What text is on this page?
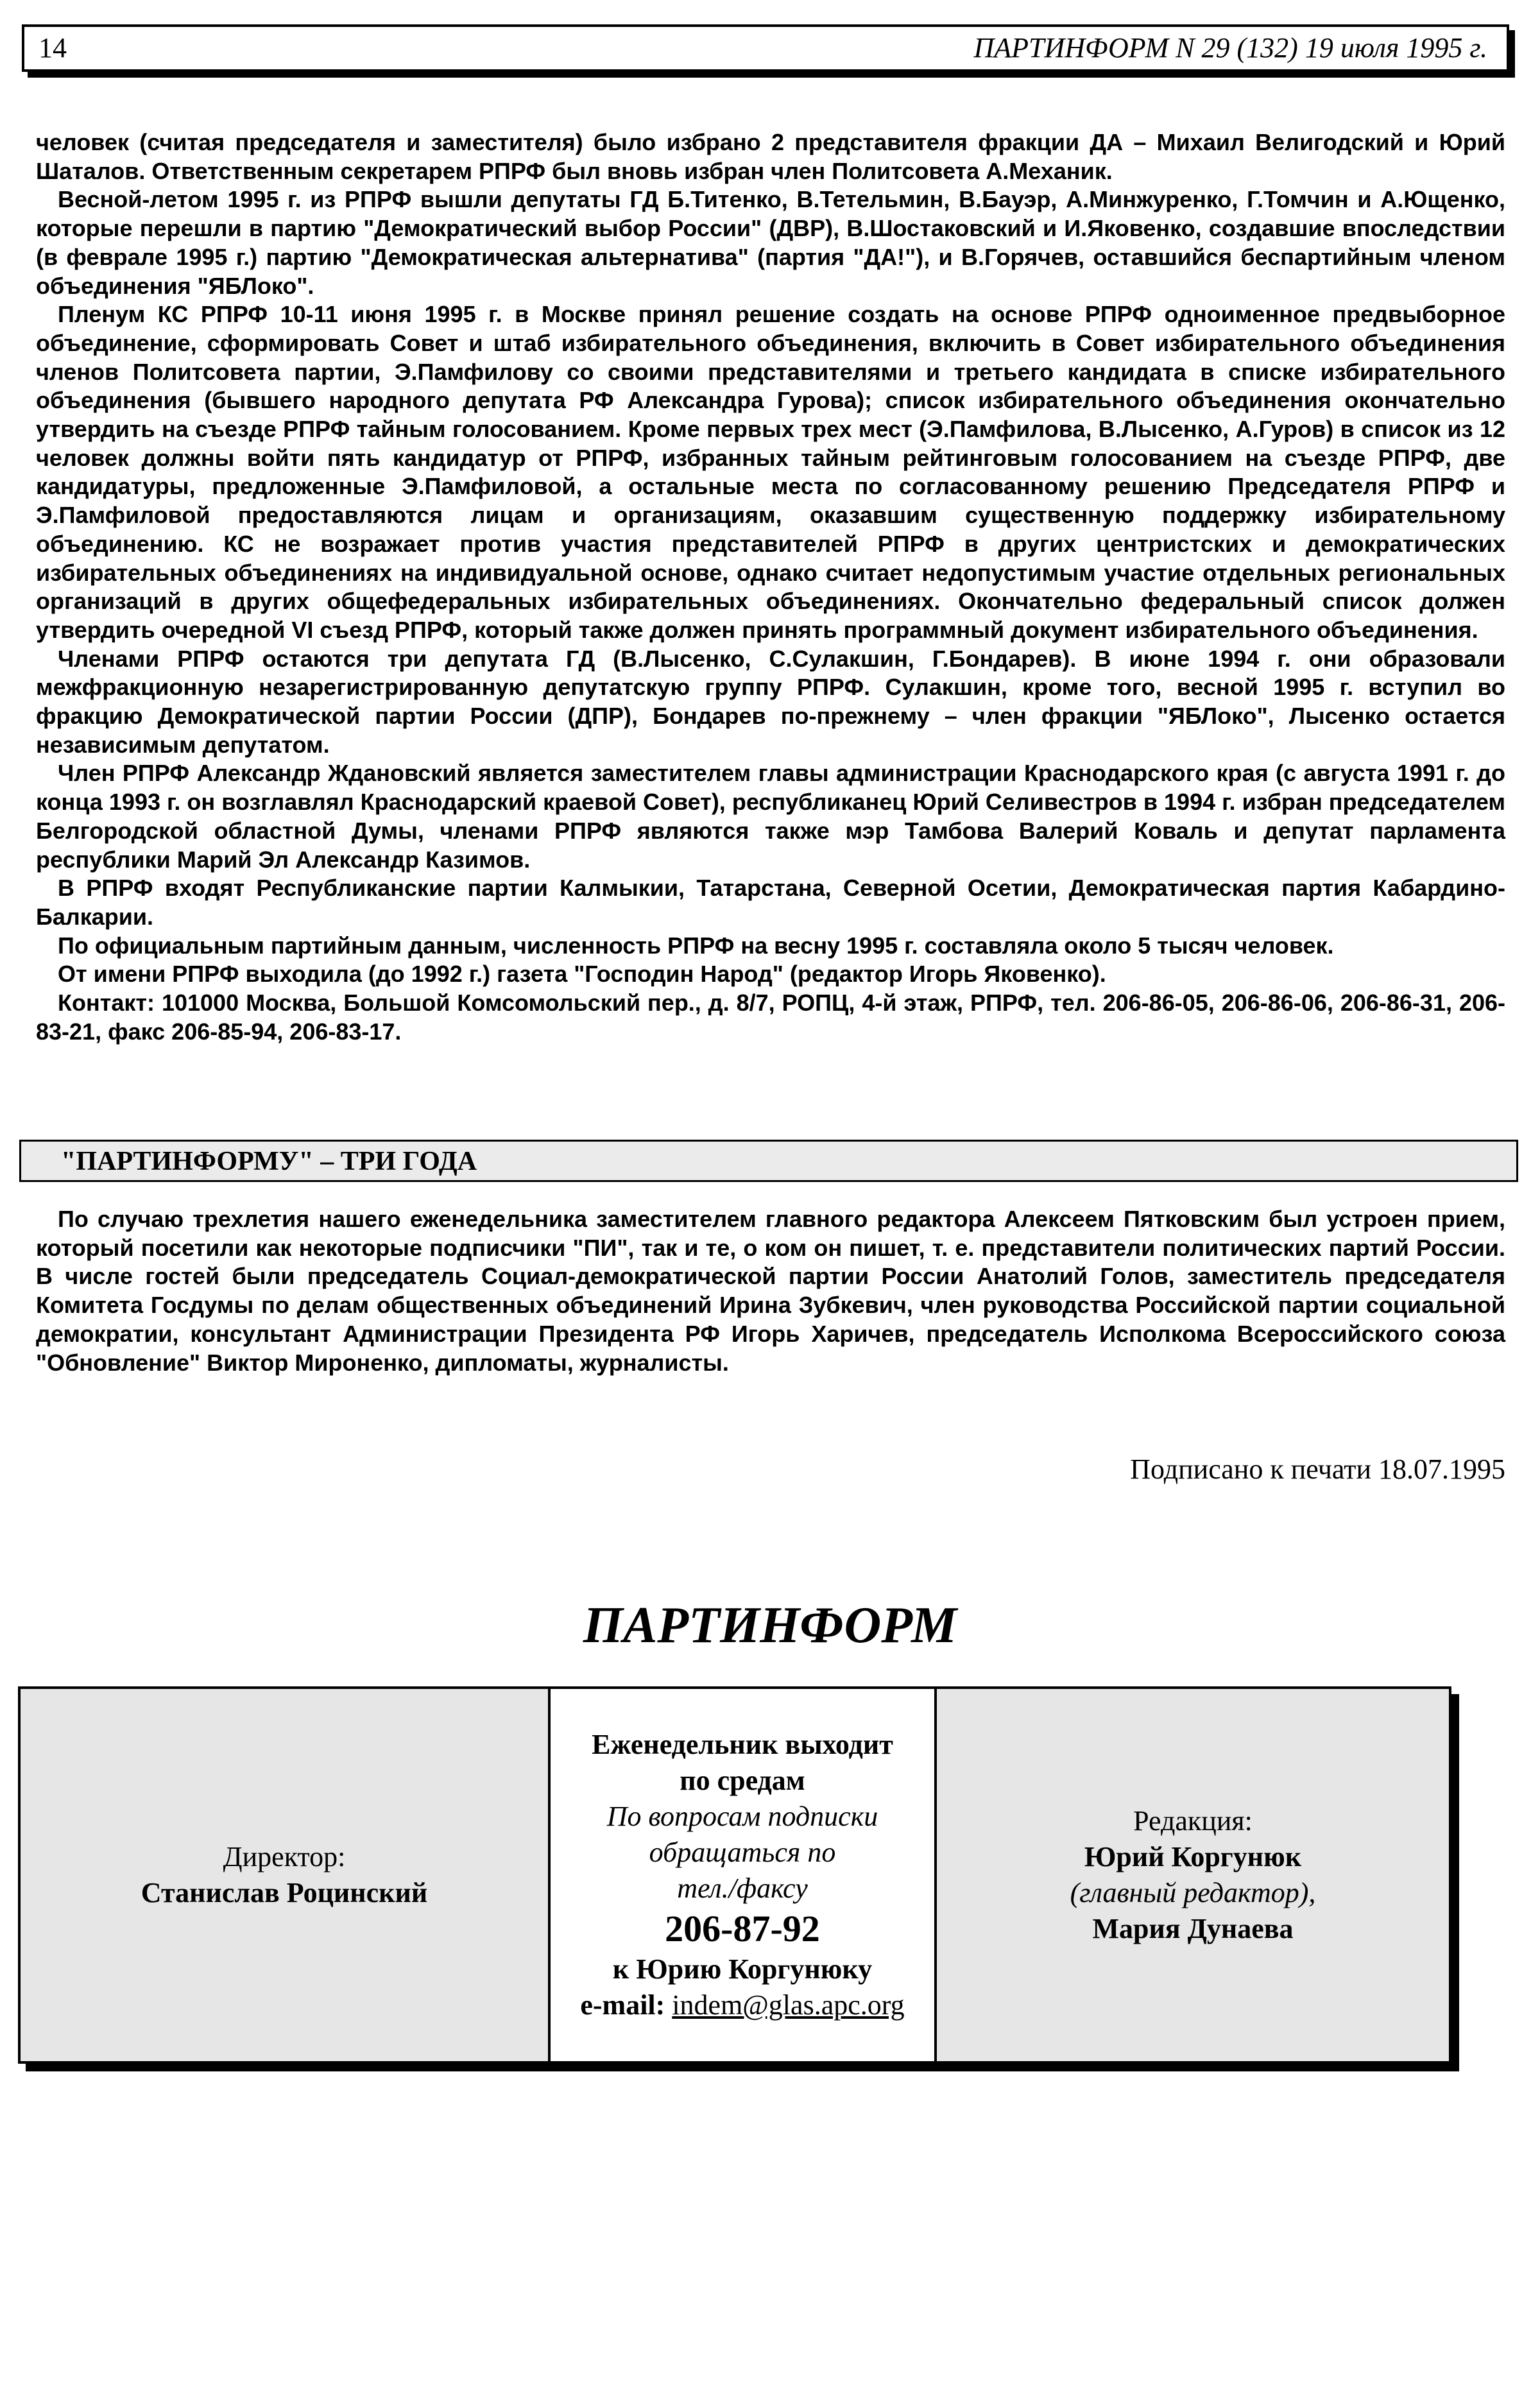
14	ПАРТИНФОРМ N 29 (132) 19 июля 1995 г.

человек (считая председателя и заместителя) было избрано 2 представителя фракции ДА – Михаил Велигодский и Юрий Шаталов. Ответственным секретарем РПРФ был вновь избран член Политсовета А.Механик.

Весной-летом 1995 г. из РПРФ вышли депутаты ГД Б.Титенко, В.Тетельмин, В.Бауэр, А.Минжуренко, Г.Томчин и А.Ющенко, которые перешли в партию "Демократический выбор России" (ДВР), В.Шостаковский и И.Яковенко, создавшие впоследствии (в феврале 1995 г.) партию "Демократическая альтернатива" (партия "ДА!"), и В.Горячев, оставшийся беспартийным членом объединения "ЯБЛоко".

Пленум КС РПРФ 10-11 июня 1995 г. в Москве принял решение создать на основе РПРФ одноименное предвыборное объединение, сформировать Совет и штаб избирательного объединения, включить в Совет избирательного объединения членов Политсовета партии, Э.Памфилову со своими представителями и третьего кандидата в списке избирательного объединения (бывшего народного депутата РФ Александра Гурова); список избирательного объединения окончательно утвердить на съезде РПРФ тайным голосованием. Кроме первых трех мест (Э.Памфилова, В.Лысенко, А.Гуров) в список из 12 человек должны войти пять кандидатур от РПРФ, избранных тайным рейтинговым голосованием на съезде РПРФ, две кандидатуры, предложенные Э.Памфиловой, а остальные места по согласованному решению Председателя РПРФ и Э.Памфиловой предоставляются лицам и организациям, оказавшим существенную поддержку избирательному объединению. КС не возражает против участия представителей РПРФ в других центристских и демократических избирательных объединениях на индивидуальной основе, однако считает недопустимым участие отдельных региональных организаций в других общефедеральных избирательных объединениях. Окончательно федеральный список должен утвердить очередной VI съезд РПРФ, который также должен принять программный документ избирательного объединения.

Членами РПРФ остаются три депутата ГД (В.Лысенко, С.Сулакшин, Г.Бондарев). В июне 1994 г. они образовали межфракционную незарегистрированную депутатскую группу РПРФ. Сулакшин, кроме того, весной 1995 г. вступил во фракцию Демократической партии России (ДПР), Бондарев по-прежнему – член фракции "ЯБЛоко", Лысенко остается независимым депутатом.

Член РПРФ Александр Ждановский является заместителем главы администрации Краснодарского края (с августа 1991 г. до конца 1993 г. он возглавлял Краснодарский краевой Совет), республиканец Юрий Селивестров в 1994 г. избран председателем Белгородской областной Думы, членами РПРФ являются также мэр Тамбова Валерий Коваль и депутат парламента республики Марий Эл Александр Казимов.

В РПРФ входят Республиканские партии Калмыкии, Татарстана, Северной Осетии, Демократическая партия Кабардино-Балкарии.

По официальным партийным данным, численность РПРФ на весну 1995 г. составляла около 5 тысяч человек.

От имени РПРФ выходила (до 1992 г.) газета "Господин Народ" (редактор Игорь Яковенко).

Контакт: 101000 Москва, Большой Комсомольский пер., д. 8/7, РОПЦ, 4-й этаж, РПРФ, тел. 206-86-05, 206-86-06, 206-86-31, 206-83-21, факс 206-85-94, 206-83-17.

"ПАРТИНФОРМУ" – ТРИ ГОДА

По случаю трехлетия нашего еженедельника заместителем главного редактора Алексеем Пятковским был устроен прием, который посетили как некоторые подписчики "ПИ", так и те, о ком он пишет, т. е. представители политических партий России. В числе гостей были председатель Социал-демократической партии России Анатолий Голов, заместитель председателя Комитета Госдумы по делам общественных объединений Ирина Зубкевич, член руководства Российской партии социальной демократии, консультант Администрации Президента РФ Игорь Харичев, председатель Исполкома Всероссийского союза "Обновление" Виктор Мироненко, дипломаты, журналисты.

Подписано к печати 18.07.1995
ПАРТИНФОРМ
Директор:
Станислав Роцинский
Еженедельник выходит
по средам
По вопросам подписки
обращаться по
тел./факсу
206-87-92
к Юрию Коргунюку
e-mail: indem@glas.apc.org
Редакция:
Юрий Коргунюк
(главный редактор),
Мария Дунаева
